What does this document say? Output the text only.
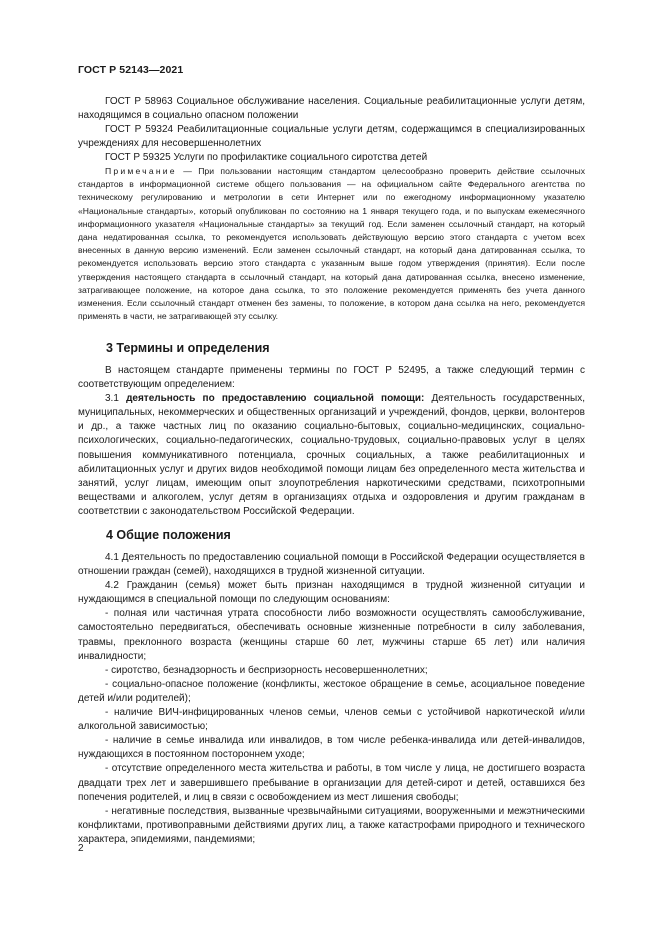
ГОСТ Р 52143—2021

ГОСТ Р 58963 Социальное обслуживание населения. Социальные реабилитационные услуги детям, находящимся в социально опасном положении

ГОСТ Р 59324 Реабилитационные социальные услуги детям, содержащимся в специализированных учреждениях для несовершеннолетних

ГОСТ Р 59325 Услуги по профилактике социального сиротства детей

Примечание — При пользовании настоящим стандартом целесообразно проверить действие ссылочных стандартов в информационной системе общего пользования — на официальном сайте Федерального агентства по техническому регулированию и метрологии в сети Интернет или по ежегодному информационному указателю «Национальные стандарты», который опубликован по состоянию на 1 января текущего года, и по выпускам ежемесячного информационного указателя «Национальные стандарты» за текущий год. Если заменен ссылочный стандарт, на который дана недатированная ссылка, то рекомендуется использовать действующую версию этого стандарта с учетом всех внесенных в данную версию изменений. Если заменен ссылочный стандарт, на который дана датированная ссылка, то рекомендуется использовать версию этого стандарта с указанным выше годом утверждения (принятия). Если после утверждения настоящего стандарта в ссылочный стандарт, на который дана датированная ссылка, внесено изменение, затрагивающее положение, на которое дана ссылка, то это положение рекомендуется применять без учета данного изменения. Если ссылочный стандарт отменен без замены, то положение, в котором дана ссылка на него, рекомендуется применять в части, не затрагивающей эту ссылку.

3 Термины и определения

В настоящем стандарте применены термины по ГОСТ Р 52495, а также следующий термин с соответствующим определением:

3.1 деятельность по предоставлению социальной помощи: Деятельность государственных, муниципальных, некоммерческих и общественных организаций и учреждений, фондов, церкви, волонтеров и др., а также частных лиц по оказанию социально-бытовых, социально-медицинских, социально-психологических, социально-педагогических, социально-трудовых, социально-правовых услуг в целях повышения коммуникативного потенциала, срочных социальных, а также реабилитационных и абилитационных услуг и других видов необходимой помощи лицам без определенного места жительства и занятий, услуг лицам, имеющим опыт злоупотребления наркотическими средствами, психотропными веществами и алкоголем, услуг детям в организациях отдыха и оздоровления и другим гражданам в соответствии с законодательством Российской Федерации.

4 Общие положения

4.1 Деятельность по предоставлению социальной помощи в Российской Федерации осуществляется в отношении граждан (семей), находящихся в трудной жизненной ситуации.

4.2 Гражданин (семья) может быть признан находящимся в трудной жизненной ситуации и нуждающимся в специальной помощи по следующим основаниям:

- полная или частичная утрата способности либо возможности осуществлять самообслуживание, самостоятельно передвигаться, обеспечивать основные жизненные потребности в силу заболевания, травмы, преклонного возраста (женщины старше 60 лет, мужчины старше 65 лет) или наличия инвалидности;

- сиротство, безнадзорность и беспризорность несовершеннолетних;

- социально-опасное положение (конфликты, жестокое обращение в семье, асоциальное поведение детей и/или родителей);

- наличие ВИЧ-инфицированных членов семьи, членов семьи с устойчивой наркотической и/или алкогольной зависимостью;

- наличие в семье инвалида или инвалидов, в том числе ребенка-инвалида или детей-инвалидов, нуждающихся в постоянном постороннем уходе;

- отсутствие определенного места жительства и работы, в том числе у лица, не достигшего возраста двадцати трех лет и завершившего пребывание в организации для детей-сирот и детей, оставшихся без попечения родителей, и лиц в связи с освобождением из мест лишения свободы;

- негативные последствия, вызванные чрезвычайными ситуациями, вооруженными и межэтническими конфликтами, противоправными действиями других лиц, а также катастрофами природного и технического характера, эпидемиями, пандемиями;

2
